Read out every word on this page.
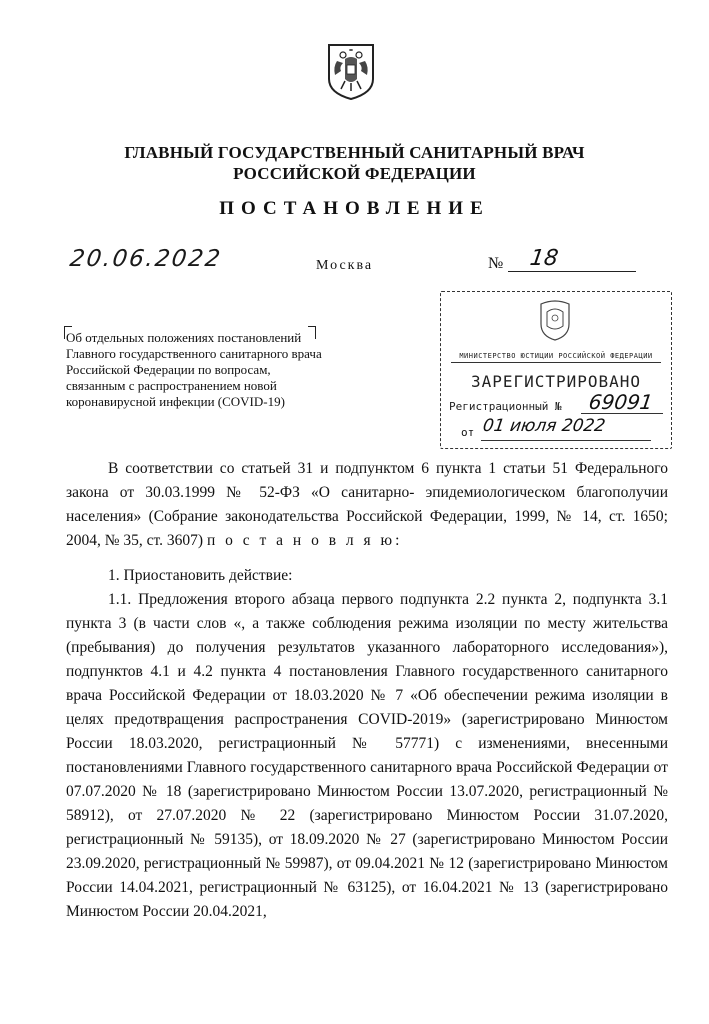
ГЛАВНЫЙ ГОСУДАРСТВЕННЫЙ САНИТАРНЫЙ ВРАЧ
РОССИЙСКОЙ ФЕДЕРАЦИИ
ПОСТАНОВЛЕНИЕ
20.06.2022	Москва	№ 18
Об отдельных положениях постановлений Главного государственного санитарного врача Российской Федерации по вопросам, связанным с распространением новой коронавирусной инфекции (COVID-19)
МИНИСТЕРСТВО ЮСТИЦИИ РОССИЙСКОЙ ФЕДЕРАЦИИ
ЗАРЕГИСТРИРОВАНО
Регистрационный № 69091
от 01 июля 2022

В соответствии со статьей 31 и подпунктом 6 пункта 1 статьи 51 Федерального закона от 30.03.1999 № 52-ФЗ «О санитарно- эпидемиологическом благополучии населения» (Собрание законодательства Российской Федерации, 1999, № 14, ст. 1650; 2004, № 35, ст. 3607) п о с т а н о в л я ю:

1. Приостановить действие:

1.1. Предложения второго абзаца первого подпункта 2.2 пункта 2, подпункта 3.1 пункта 3 (в части слов «, а также соблюдения режима изоляции по месту жительства (пребывания) до получения результатов указанного лабораторного исследования»), подпунктов 4.1 и 4.2 пункта 4 постановления Главного государственного санитарного врача Российской Федерации от 18.03.2020 № 7 «Об обеспечении режима изоляции в целях предотвращения распространения COVID-2019» (зарегистрировано Минюстом России 18.03.2020, регистрационный № 57771) с изменениями, внесенными постановлениями Главного государственного санитарного врача Российской Федерации от 07.07.2020 № 18 (зарегистрировано Минюстом России 13.07.2020, регистрационный № 58912), от 27.07.2020 № 22 (зарегистрировано Минюстом России 31.07.2020, регистрационный № 59135), от 18.09.2020 № 27 (зарегистрировано Минюстом России 23.09.2020, регистрационный № 59987), от 09.04.2021 № 12 (зарегистрировано Минюстом России 14.04.2021, регистрационный № 63125), от 16.04.2021 № 13 (зарегистрировано Минюстом России 20.04.2021,
